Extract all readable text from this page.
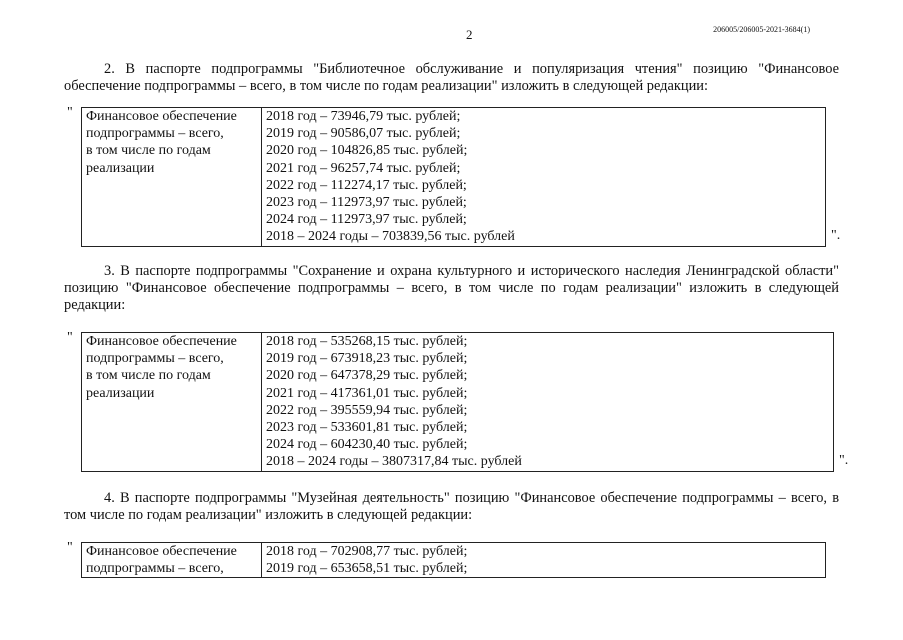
2	206005/206005-2021-3684(1)

2. В паспорте подпрограммы "Библиотечное обслуживание и популяризация чтения" позицию "Финансовое обеспечение подпрограммы – всего, в том числе по годам реализации" изложить в следующей редакции:

" Финансовое обеспечение
подпрограммы – всего,
в том числе по годам
реализации

2018 год – 73946,79 тыс. рублей;
2019 год – 90586,07 тыс. рублей;
2020 год – 104826,85 тыс. рублей;
2021 год – 96257,74 тыс. рублей;
2022 год – 112274,17 тыс. рублей;
2023 год – 112973,97 тыс. рублей;
2024 год – 112973,97 тыс. рублей;
2018 – 2024 годы – 703839,56 тыс. рублей	".

3. В паспорте подпрограммы "Сохранение и охрана культурного и исторического наследия Ленинградской области" позицию "Финансовое обеспечение подпрограммы – всего, в том числе по годам реализации" изложить в следующей редакции:

" Финансовое обеспечение
подпрограммы – всего,
в том числе по годам
реализации

2018 год – 535268,15 тыс. рублей;
2019 год – 673918,23 тыс. рублей;
2020 год – 647378,29 тыс. рублей;
2021 год – 417361,01 тыс. рублей;
2022 год – 395559,94 тыс. рублей;
2023 год – 533601,81 тыс. рублей;
2024 год – 604230,40 тыс. рублей;
2018 – 2024 годы – 3807317,84 тыс. рублей	".

4. В паспорте подпрограммы "Музейная деятельность" позицию "Финансовое обеспечение подпрограммы – всего, в том числе по годам реализации" изложить в следующей редакции:

" Финансовое обеспечение
подпрограммы – всего,

2018 год – 702908,77 тыс. рублей;
2019 год – 653658,51 тыс. рублей;
